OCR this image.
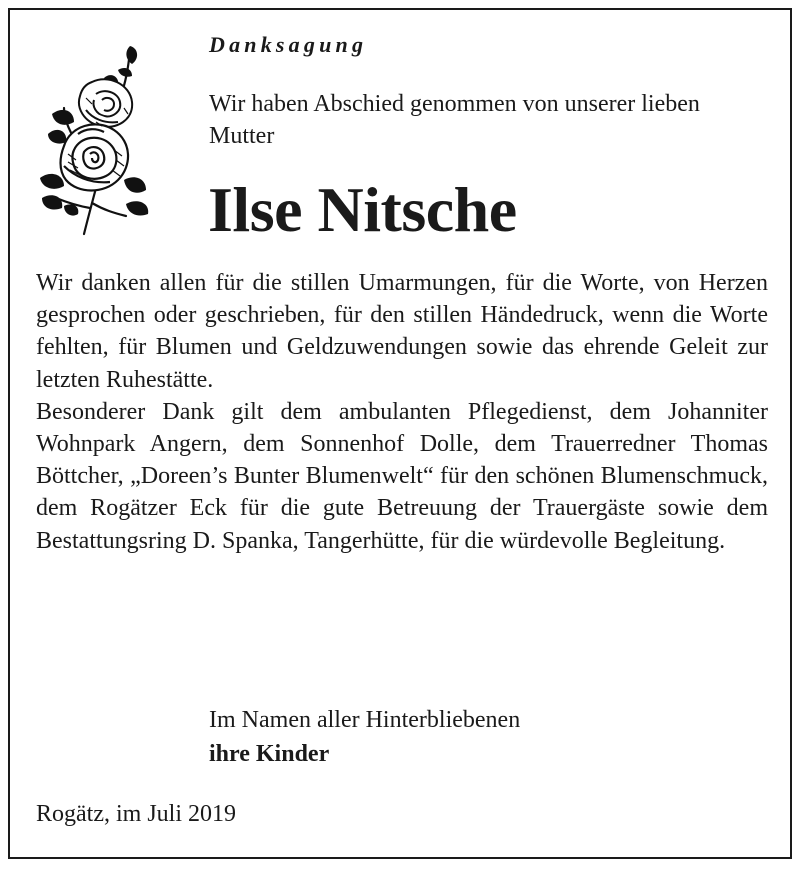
Danksagung
Wir haben Abschied genommen von unserer lieben Mutter
Ilse Nitsche

Wir danken allen für die stillen Umarmungen, für die Worte, von Herzen gesprochen oder geschrieben, für den stillen Händedruck, wenn die Worte fehlten, für Blumen und Geldzuwendungen sowie das ehrende Geleit zur letzten Ruhestätte.

Besonderer Dank gilt dem ambulanten Pflegedienst, dem Johanniter Wohnpark Angern, dem Sonnenhof Dolle, dem Trauerredner Thomas Böttcher, „Doreen’s Bunter Blumenwelt“ für den schönen Blumenschmuck, dem Rogätzer Eck für die gute Betreuung der Trauergäste sowie dem Bestattungsring D. Spanka, Tangerhütte, für die würdevolle Begleitung.

Im Namen aller Hinterbliebenen
ihre Kinder
Rogätz, im Juli 2019
